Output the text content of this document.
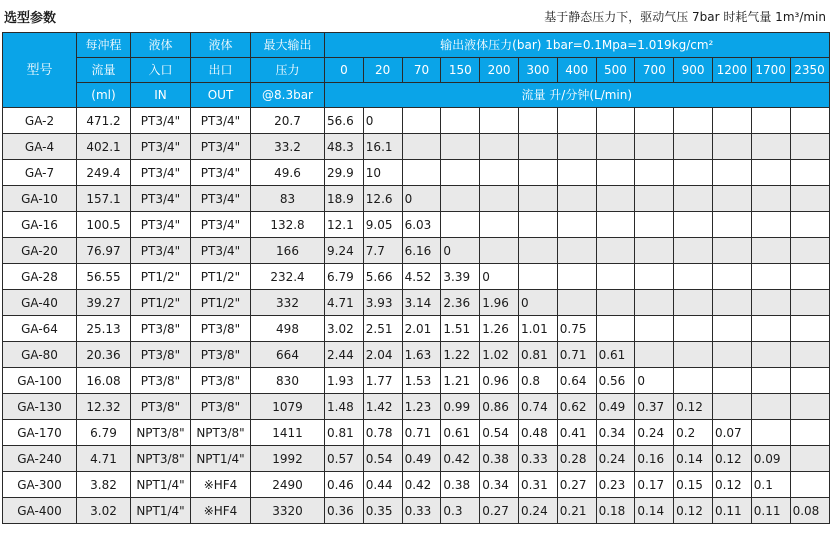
选型参数	基于静态压力下，驱动气压 7bar 时耗气量 1m³/min
型号	每冲程	液体	液体	最大输出	输出液体压力(bar) 1bar=0.1Mpa=1.019kg/cm²												
	流量	入口	出口	压力	0	20	70	150	200	300	400	500	700	900	1200	1700	2350
	(ml)	IN	OUT	@8.3bar	流量 升/分钟(L/min)												
GA-2	471.2	PT3/4"	PT3/4"	20.7	56.6	0											
GA-4	402.1	PT3/4"	PT3/4"	33.2	48.3	16.1											
GA-7	249.4	PT3/4"	PT3/4"	49.6	29.9	10											
GA-10	157.1	PT3/4"	PT3/4"	83	18.9	12.6	0										
GA-16	100.5	PT3/4"	PT3/4"	132.8	12.1	9.05	6.03										
GA-20	76.97	PT3/4"	PT3/4"	166	9.24	7.7	6.16	0									
GA-28	56.55	PT1/2"	PT1/2"	232.4	6.79	5.66	4.52	3.39	0								
GA-40	39.27	PT1/2"	PT1/2"	332	4.71	3.93	3.14	2.36	1.96	0							
GA-64	25.13	PT3/8"	PT3/8"	498	3.02	2.51	2.01	1.51	1.26	1.01	0.75						
GA-80	20.36	PT3/8"	PT3/8"	664	2.44	2.04	1.63	1.22	1.02	0.81	0.71	0.61					
GA-100	16.08	PT3/8"	PT3/8"	830	1.93	1.77	1.53	1.21	0.96	0.8	0.64	0.56	0				
GA-130	12.32	PT3/8"	PT3/8"	1079	1.48	1.42	1.23	0.99	0.86	0.74	0.62	0.49	0.37	0.12			
GA-170	6.79	NPT3/8"	NPT3/8"	1411	0.81	0.78	0.71	0.61	0.54	0.48	0.41	0.34	0.24	0.2	0.07		
GA-240	4.71	NPT3/8"	NPT1/4"	1992	0.57	0.54	0.49	0.42	0.38	0.33	0.28	0.24	0.16	0.14	0.12	0.09	
GA-300	3.82	NPT1/4"	※HF4	2490	0.46	0.44	0.42	0.38	0.34	0.31	0.27	0.23	0.17	0.15	0.12	0.1	
GA-400	3.02	NPT1/4"	※HF4	3320	0.36	0.35	0.33	0.3	0.27	0.24	0.21	0.18	0.14	0.12	0.11	0.11	0.08
